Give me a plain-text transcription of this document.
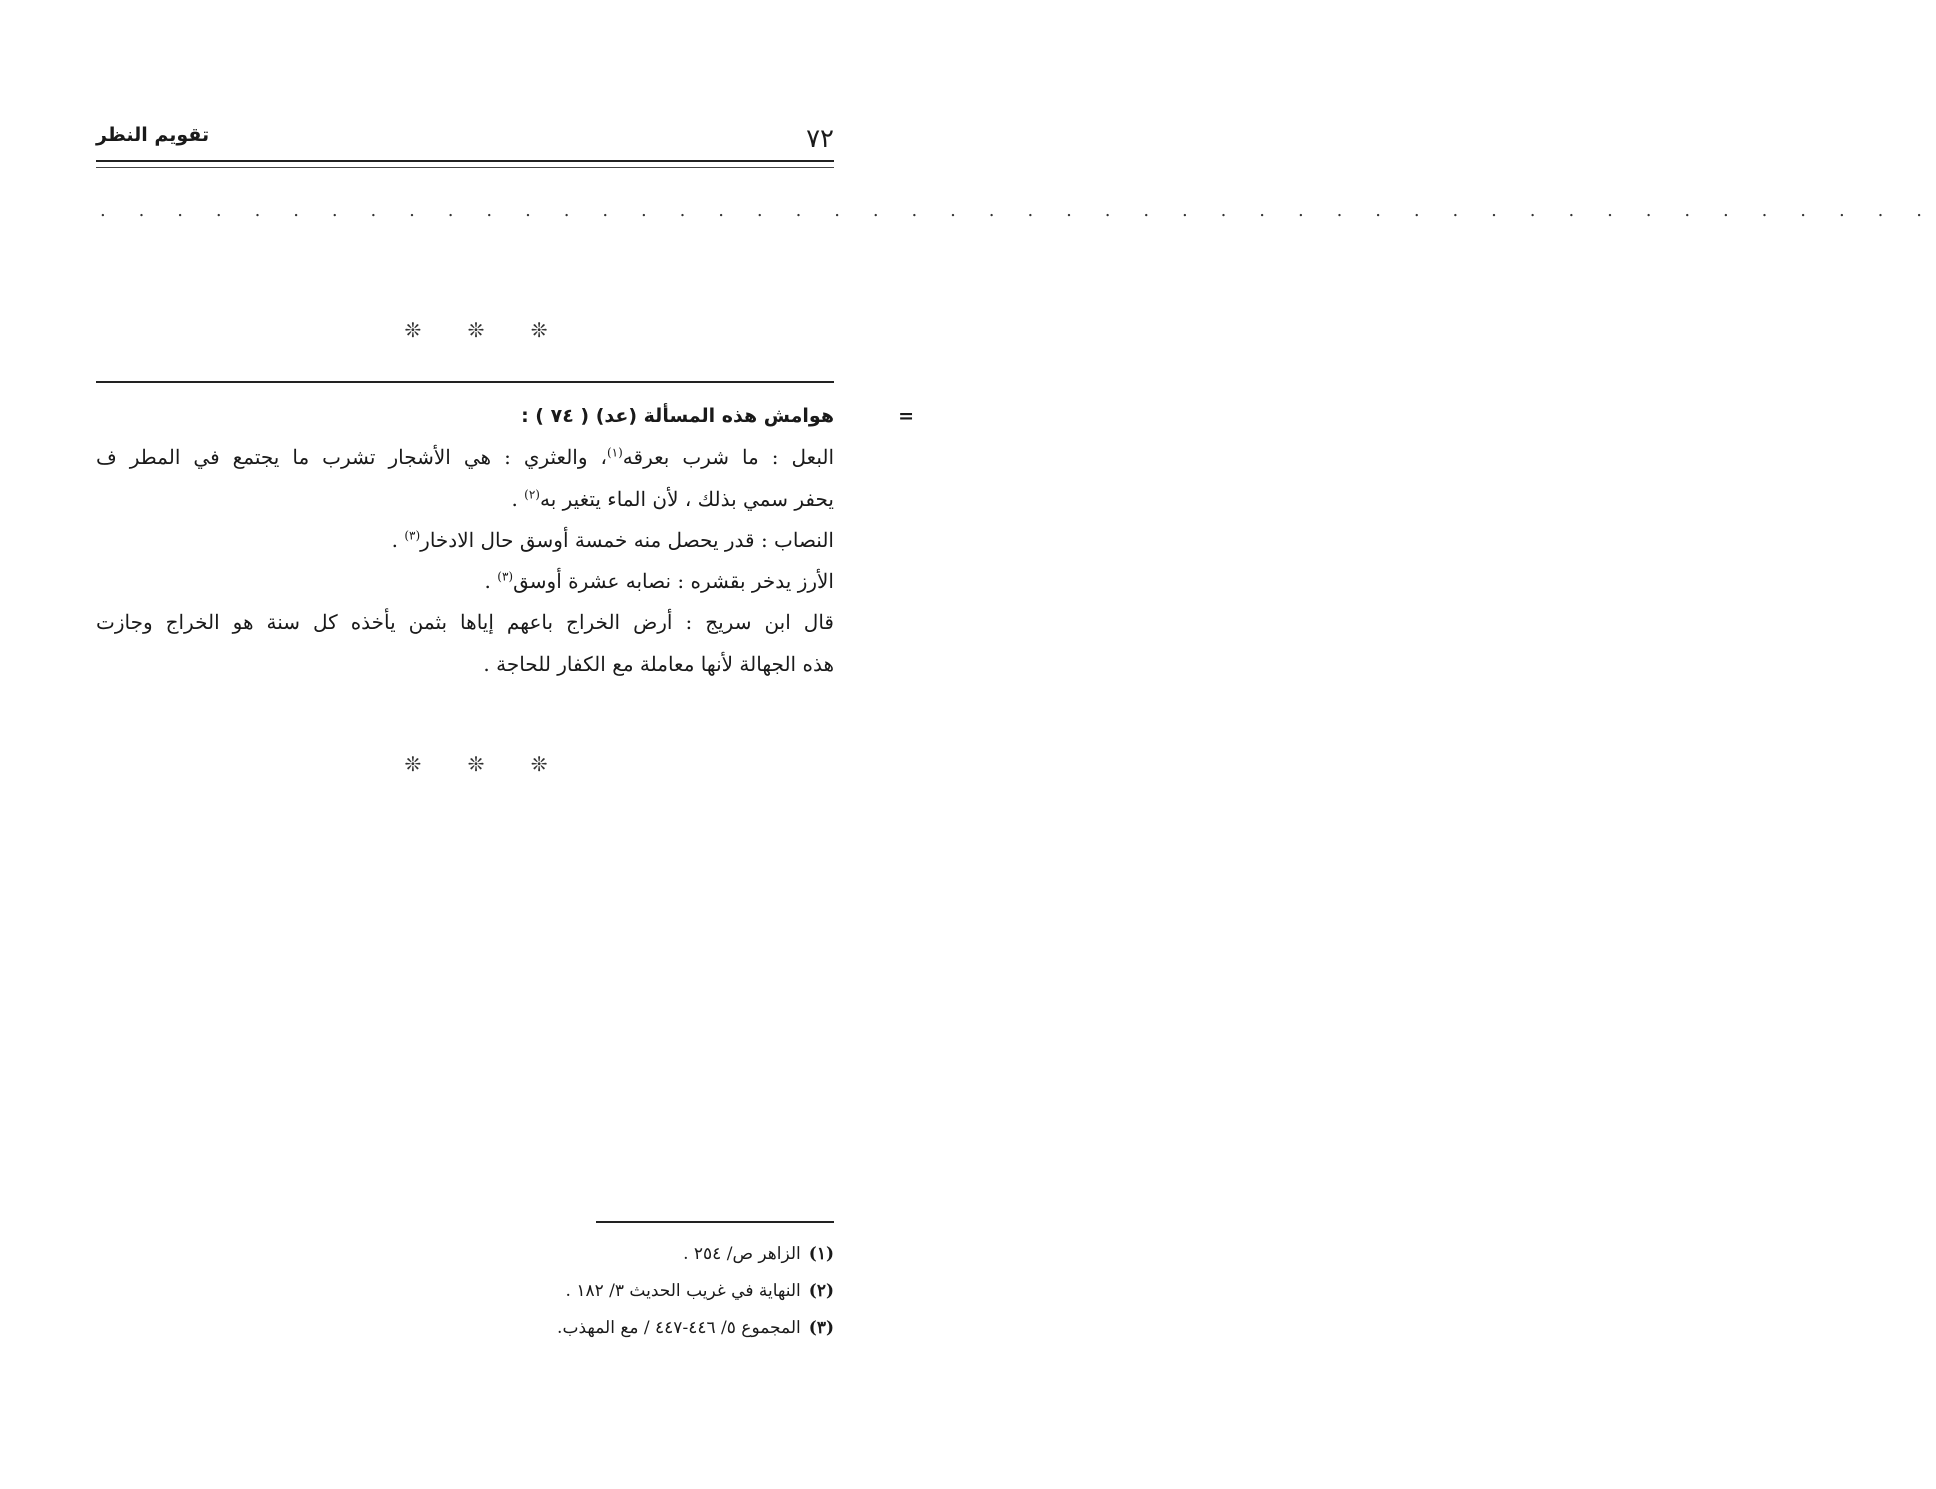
٧٢
تقويم النظر
. . . . . . . . . . . . . . . . . . . . . . . . . . . . . . . . . . . . . . . . . . . . . . . .
❊ ❊ ❊

=هوامش هذه المسألة (عد) ( ٧٤ ) :

البعل : ما شرب بعرقه$^{(١)}$، والعثري : هي الأشجار تشرب ما يجتمع في المطر ف

يحفر سمي بذلك ، لأن الماء يتغير به$^{(٢)}$ .

النصاب : قدر يحصل منه خمسة أوسق حال الادخار$^{(٣)}$ .

الأرز يدخر بقشره : نصابه عشرة أوسق$^{(٣)}$ .

قال ابن سريج : أرض الخراج باعهم إياها بثمن يأخذه كل سنة هو الخراج وجازت

هذه الجهالة لأنها معاملة مع الكفار للحاجة .

❊ ❊ ❊

(١)الزاهر ص/ ٢٥٤ .

(٢)النهاية في غريب الحديث ٣/ ١٨٢ .

(٣)المجموع ٥/ ٤٤٦-٤٤٧ / مع المهذب.
